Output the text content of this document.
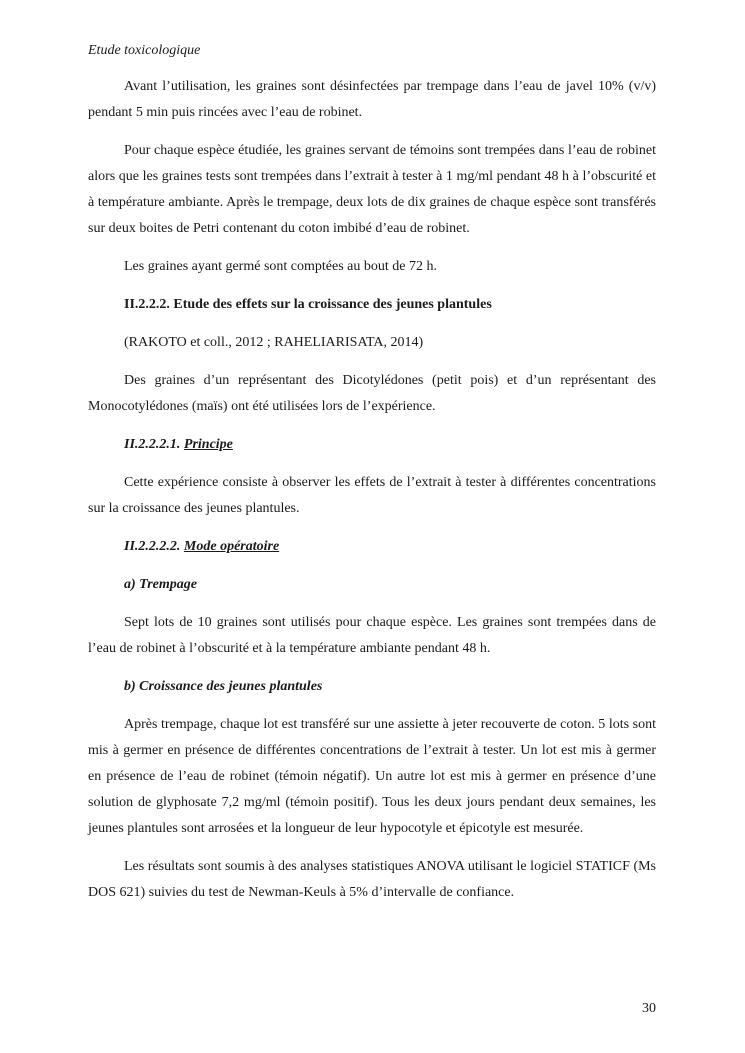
Etude toxicologique

Avant l’utilisation, les graines sont désinfectées par trempage dans l’eau de javel 10% (v/v) pendant 5 min puis rincées avec l’eau de robinet.

Pour chaque espèce étudiée, les graines servant de témoins sont trempées dans l’eau de robinet alors que les graines tests sont trempées dans l’extrait à tester à 1 mg/ml pendant 48 h à l’obscurité et à température ambiante. Après le trempage, deux lots de dix graines de chaque espèce sont transférés sur deux boites de Petri contenant du coton imbibé d’eau de robinet.

Les graines ayant germé sont comptées au bout de 72 h.

II.2.2.2. Etude des effets sur la croissance des jeunes plantules

(RAKOTO et coll., 2012 ; RAHELIARISATA, 2014)

Des graines d’un représentant des Dicotylédones (petit pois) et d’un représentant des Monocotylédones (maïs) ont été utilisées lors de l’expérience.

II.2.2.2.1. Principe

Cette expérience consiste à observer les effets de l’extrait à tester à différentes concentrations sur la croissance des jeunes plantules.

II.2.2.2.2. Mode opératoire

a) Trempage

Sept lots de 10 graines sont utilisés pour chaque espèce. Les graines sont trempées dans de l’eau de robinet à l’obscurité et à la température ambiante pendant 48 h.

b) Croissance des jeunes plantules

Après trempage, chaque lot est transféré sur une assiette à jeter recouverte de coton. 5 lots sont mis à germer en présence de différentes concentrations de l’extrait à tester. Un lot est mis à germer en présence de l’eau de robinet (témoin négatif). Un autre lot est mis à germer en présence d’une solution de glyphosate 7,2 mg/ml (témoin positif). Tous les deux jours pendant deux semaines, les jeunes plantules sont arrosées et la longueur de leur hypocotyle et épicotyle est mesurée.

Les résultats sont soumis à des analyses statistiques ANOVA utilisant le logiciel STATICF (Ms DOS 621) suivies du test de Newman-Keuls à 5% d’intervalle de confiance.

30
